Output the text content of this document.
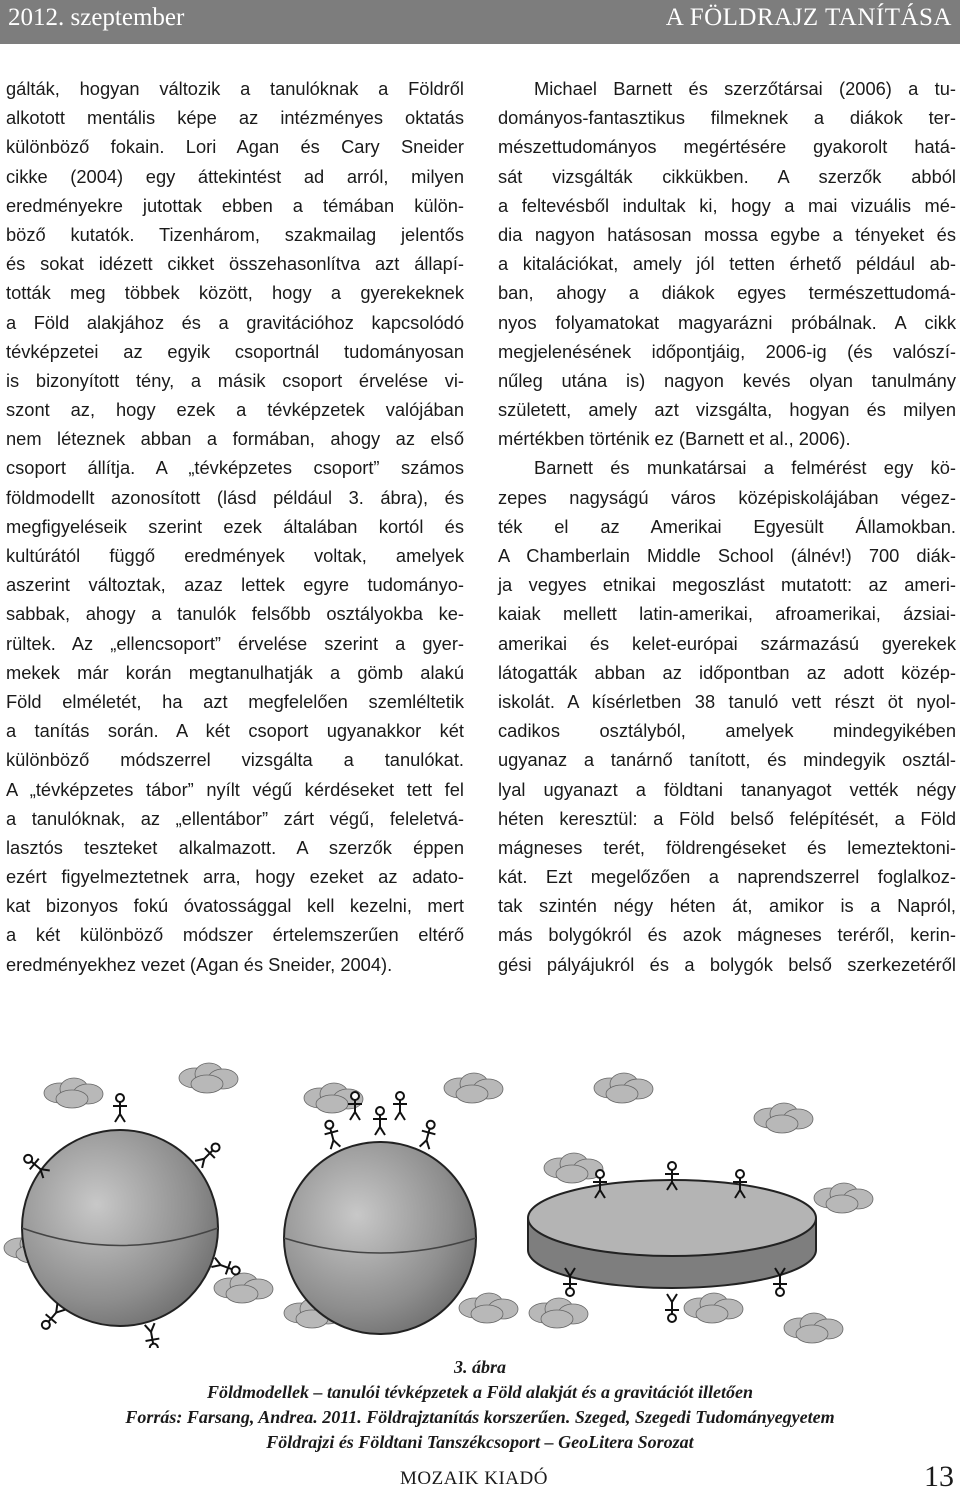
2012. szeptember	A FÖLDRAJZ TANÍTÁSA
gálták, hogyan változik a tanulóknak a Földről
alkotott mentális képe az intézményes oktatás
különböző fokain. Lori Agan és Cary Sneider
cikke (2004) egy áttekintést ad arról, milyen
eredményekre jutottak ebben a témában külön-
böző kutatók. Tizenhárom, szakmailag jelentős
és sokat idézett cikket összehasonlítva azt állapí-
tották meg többek között, hogy a gyerekeknek
a Föld alakjához és a gravitációhoz kapcsolódó
tévképzetei az egyik csoportnál tudományosan
is bizonyított tény, a másik csoport érvelése vi-
szont az, hogy ezek a tévképzetek valójában
nem léteznek abban a formában, ahogy az első
csoport állítja. A „tévképzetes csoport” számos
földmodellt azonosított (lásd például 3. ábra), és
megfigyeléseik szerint ezek általában kortól és
kultúrától függő eredmények voltak, amelyek
aszerint változtak, azaz lettek egyre tudományo-
sabbak, ahogy a tanulók felsőbb osztályokba ke-
rültek. Az „ellencsoport” érvelése szerint a gyer-
mekek már korán megtanulhatják a gömb alakú
Föld elméletét, ha azt megfelelően szemléltetik
a tanítás során. A két csoport ugyanakkor két
különböző módszerrel vizsgálta a tanulókat.
A „tévképzetes tábor” nyílt végű kérdéseket tett fel
a tanulóknak, az „ellentábor” zárt végű, feleletvá-
lasztós teszteket alkalmazott. A szerzők éppen
ezért figyelmeztetnek arra, hogy ezeket az adato-
kat bizonyos fokú óvatossággal kell kezelni, mert
a két különböző módszer értelemszerűen eltérő
eredményekhez vezet (Agan és Sneider, 2004).
Michael Barnett és szerzőtársai (2006) a tu-
dományos-fantasztikus filmeknek a diákok ter-
mészettudományos megértésére gyakorolt hatá-
sát vizsgálták cikkükben. A szerzők abból
a feltevésből indultak ki, hogy a mai vizuális mé-
dia nagyon hatásosan mossa egybe a tényeket és
a kitalációkat, amely jól tetten érhető például ab-
ban, ahogy a diákok egyes természettudomá-
nyos folyamatokat magyarázni próbálnak. A cikk
megjelenésének időpontjáig, 2006-ig (és valószí-
nűleg utána is) nagyon kevés olyan tanulmány
született, amely azt vizsgálta, hogyan és milyen
mértékben történik ez (Barnett et al., 2006).
Barnett és munkatársai a felmérést egy kö-
zepes nagyságú város középiskolájában végez-
ték el az Amerikai Egyesült Államokban.
A Chamberlain Middle School (álnév!) 700 diák-
ja vegyes etnikai megoszlást mutatott: az ameri-
kaiak mellett latin-amerikai, afroamerikai, ázsiai-
amerikai és kelet-európai származású gyerekek
látogatták abban az időpontban az adott közép-
iskolát. A kísérletben 38 tanuló vett részt öt nyol-
cadikos osztályból, amelyek mindegyikében
ugyanaz a tanárnő tanított, és mindegyik osztál-
lyal ugyanazt a földtani tananyagot vették négy
héten keresztül: a Föld belső felépítését, a Föld
mágneses terét, földrengéseket és lemeztektoni-
kát. Ezt megelőzően a naprendszerrel foglalkoz-
tak szintén négy héten át, amikor is a Napról,
más bolygókról és azok mágneses teréről, kerin-
gési pályájukról és a bolygók belső szerkezetéről
3. ábra
Földmodellek – tanulói tévképzetek a Föld alakját és a gravitációt illetően
Forrás: Farsang, Andrea. 2011. Földrajztanítás korszerűen. Szeged, Szegedi Tudományegyetem
Földrajzi és Földtani Tanszékcsoport – GeoLitera Sorozat
MOZAIK KIADÓ	13
